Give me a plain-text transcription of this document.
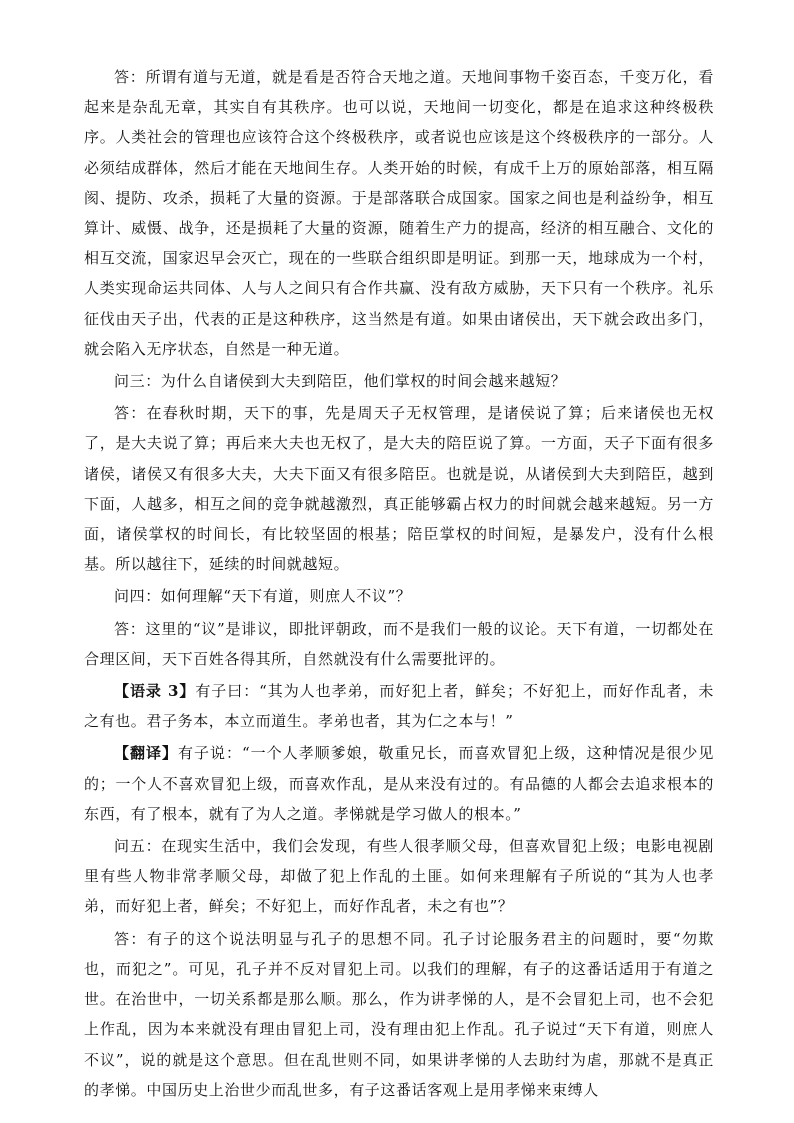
答：所谓有道与无道，就是看是否符合天地之道。天地间事物千姿百态，千变万化，看起来是杂乱无章，其实自有其秩序。也可以说，天地间一切变化，都是在追求这种终极秩序。人类社会的管理也应该符合这个终极秩序，或者说也应该是这个终极秩序的一部分。人必须结成群体，然后才能在天地间生存。人类开始的时候，有成千上万的原始部落，相互隔阂、提防、攻杀，损耗了大量的资源。于是部落联合成国家。国家之间也是利益纷争，相互算计、威慑、战争，还是损耗了大量的资源，随着生产力的提高，经济的相互融合、文化的相互交流，国家迟早会灭亡，现在的一些联合组织即是明证。到那一天，地球成为一个村，人类实现命运共同体、人与人之间只有合作共赢、没有敌方威胁，天下只有一个秩序。礼乐征伐由天子出，代表的正是这种秩序，这当然是有道。如果由诸侯出，天下就会政出多门，就会陷入无序状态，自然是一种无道。

问三：为什么自诸侯到大夫到陪臣，他们掌权的时间会越来越短？

答：在春秋时期，天下的事，先是周天子无权管理，是诸侯说了算；后来诸侯也无权了，是大夫说了算；再后来大夫也无权了，是大夫的陪臣说了算。一方面，天子下面有很多诸侯，诸侯又有很多大夫，大夫下面又有很多陪臣。也就是说，从诸侯到大夫到陪臣，越到下面，人越多，相互之间的竞争就越激烈，真正能够霸占权力的时间就会越来越短。另一方面，诸侯掌权的时间长，有比较坚固的根基；陪臣掌权的时间短，是暴发户，没有什么根基。所以越往下，延续的时间就越短。

问四：如何理解“天下有道，则庶人不议”？

答：这里的“议”是诽议，即批评朝政，而不是我们一般的议论。天下有道，一切都处在合理区间，天下百姓各得其所，自然就没有什么需要批评的。

【语录 3】有子曰：“其为人也孝弟，而好犯上者，鲜矣；不好犯上，而好作乱者，未之有也。君子务本，本立而道生。孝弟也者，其为仁之本与！”

【翻译】有子说：“一个人孝顺爹娘，敬重兄长，而喜欢冒犯上级，这种情况是很少见的；一个人不喜欢冒犯上级，而喜欢作乱，是从来没有过的。有品德的人都会去追求根本的东西，有了根本，就有了为人之道。孝悌就是学习做人的根本。”

问五：在现实生活中，我们会发现，有些人很孝顺父母，但喜欢冒犯上级；电影电视剧里有些人物非常孝顺父母，却做了犯上作乱的土匪。如何来理解有子所说的“其为人也孝弟，而好犯上者，鲜矣；不好犯上，而好作乱者，未之有也”？

答：有子的这个说法明显与孔子的思想不同。孔子讨论服务君主的问题时，要“勿欺也，而犯之”。可见，孔子并不反对冒犯上司。以我们的理解，有子的这番话适用于有道之世。在治世中，一切关系都是那么顺。那么，作为讲孝悌的人，是不会冒犯上司，也不会犯上作乱，因为本来就没有理由冒犯上司，没有理由犯上作乱。孔子说过“天下有道，则庶人不议”，说的就是这个意思。但在乱世则不同，如果讲孝悌的人去助纣为虐，那就不是真正的孝悌。中国历史上治世少而乱世多，有子这番话客观上是用孝悌来束缚人
